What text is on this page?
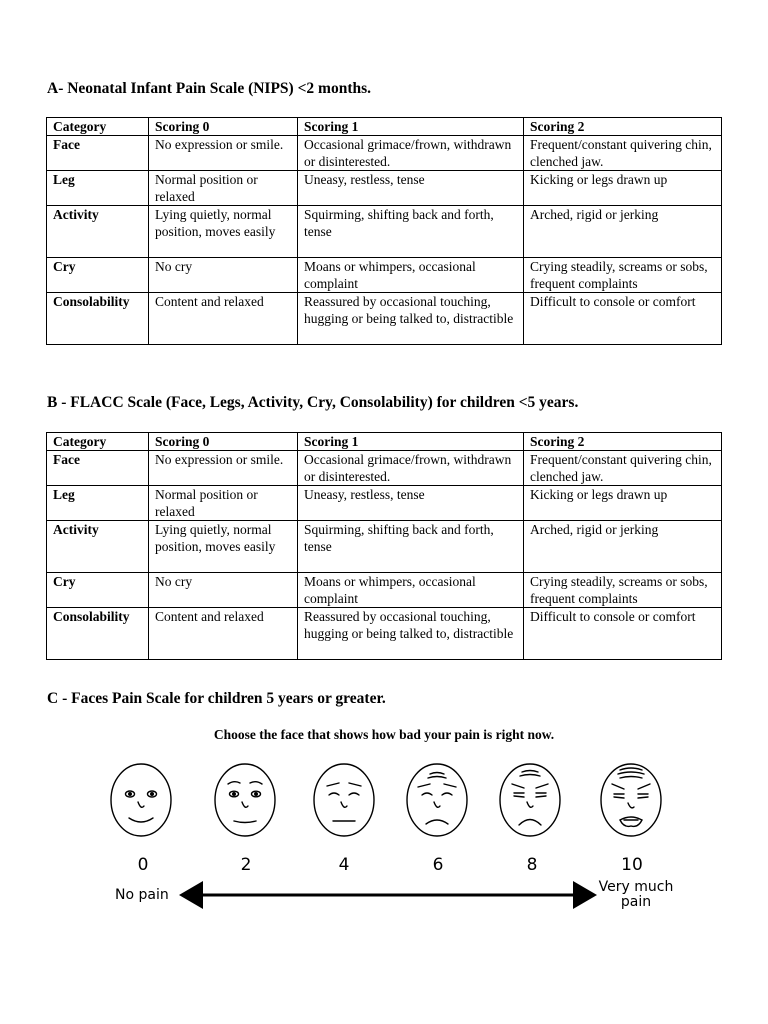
A- Neonatal Infant Pain Scale (NIPS) <2 months.
Category	Scoring 0	Scoring 1	Scoring 2
Face	No expression or smile.	Occasional grimace/frown, withdrawn or disinterested.	Frequent/constant quivering chin, clenched jaw.
Leg	Normal position or relaxed	Uneasy, restless, tense	Kicking or legs drawn up
Activity	Lying quietly, normal position, moves easily	Squirming, shifting back and forth, tense	Arched, rigid or jerking
Cry	No cry	Moans or whimpers, occasional complaint	Crying steadily, screams or sobs, frequent complaints
Consolability	Content and relaxed	Reassured by occasional touching, hugging or being talked to, distractible	Difficult to console or comfort
B - FLACC Scale (Face, Legs, Activity, Cry, Consolability) for children <5 years.
Category	Scoring 0	Scoring 1	Scoring 2
Face	No expression or smile.	Occasional grimace/frown, withdrawn or disinterested.	Frequent/constant quivering chin, clenched jaw.
Leg	Normal position or relaxed	Uneasy, restless, tense	Kicking or legs drawn up
Activity	Lying quietly, normal position, moves easily	Squirming, shifting back and forth, tense	Arched, rigid or jerking
Cry	No cry	Moans or whimpers, occasional complaint	Crying steadily, screams or sobs, frequent complaints
Consolability	Content and relaxed	Reassured by occasional touching, hugging or being talked to, distractible	Difficult to console or comfort
C - Faces Pain Scale for children 5 years or greater.
Choose the face that shows how bad your pain is right now.
0	2	4	6	8	10
No pain	Very much
pain
